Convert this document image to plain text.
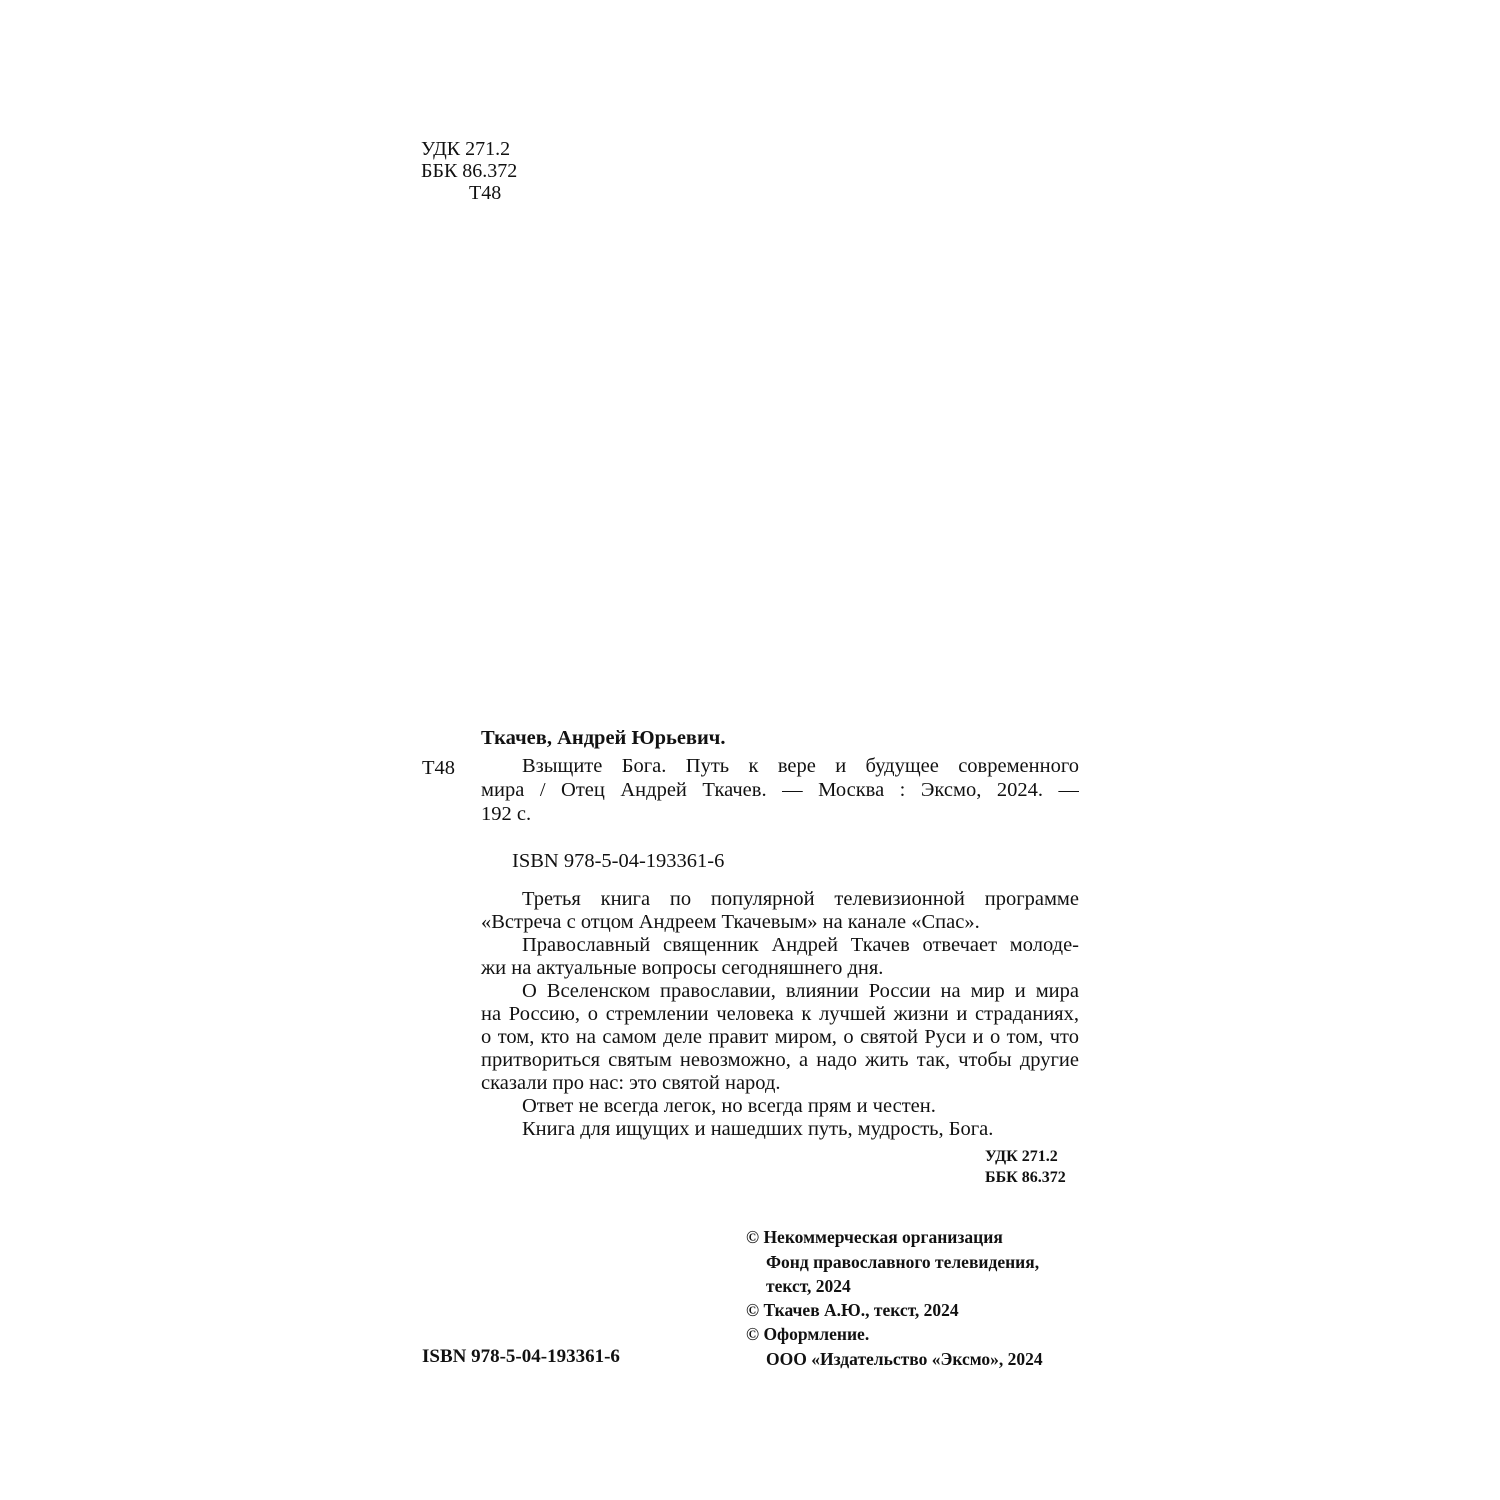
УДК 271.2
ББК 86.372
T48
Ткачев, Андрей Юрьевич.
T48	Взыщите Бога. Путь к вере и будущее современного
мира / Отец Андрей Ткачев. — Москва : Эксмо, 2024. —
192 с.
ISBN 978-5-04-193361-6
Третья книга по популярной телевизионной программе
«Встреча с отцом Андреем Ткачевым» на канале «Спас».
Православный священник Андрей Ткачев отвечает молоде-
жи на актуальные вопросы сегодняшнего дня.
О Вселенском православии, влиянии России на мир и мира
на Россию, о стремлении человека к лучшей жизни и страданиях,
о том, кто на самом деле правит миром, о святой Руси и о том, что
притвориться святым невозможно, а надо жить так, чтобы другие
сказали про нас: это святой народ.
Ответ не всегда легок, но всегда прям и честен.
Книга для ищущих и нашедших путь, мудрость, Бога.
УДК 271.2
ББК 86.372
© Некоммерческая организация
Фонд православного телевидения,
текст, 2024
© Ткачев А.Ю., текст, 2024
© Оформление.
ООО «Издательство «Эксмо», 2024
ISBN 978-5-04-193361-6
